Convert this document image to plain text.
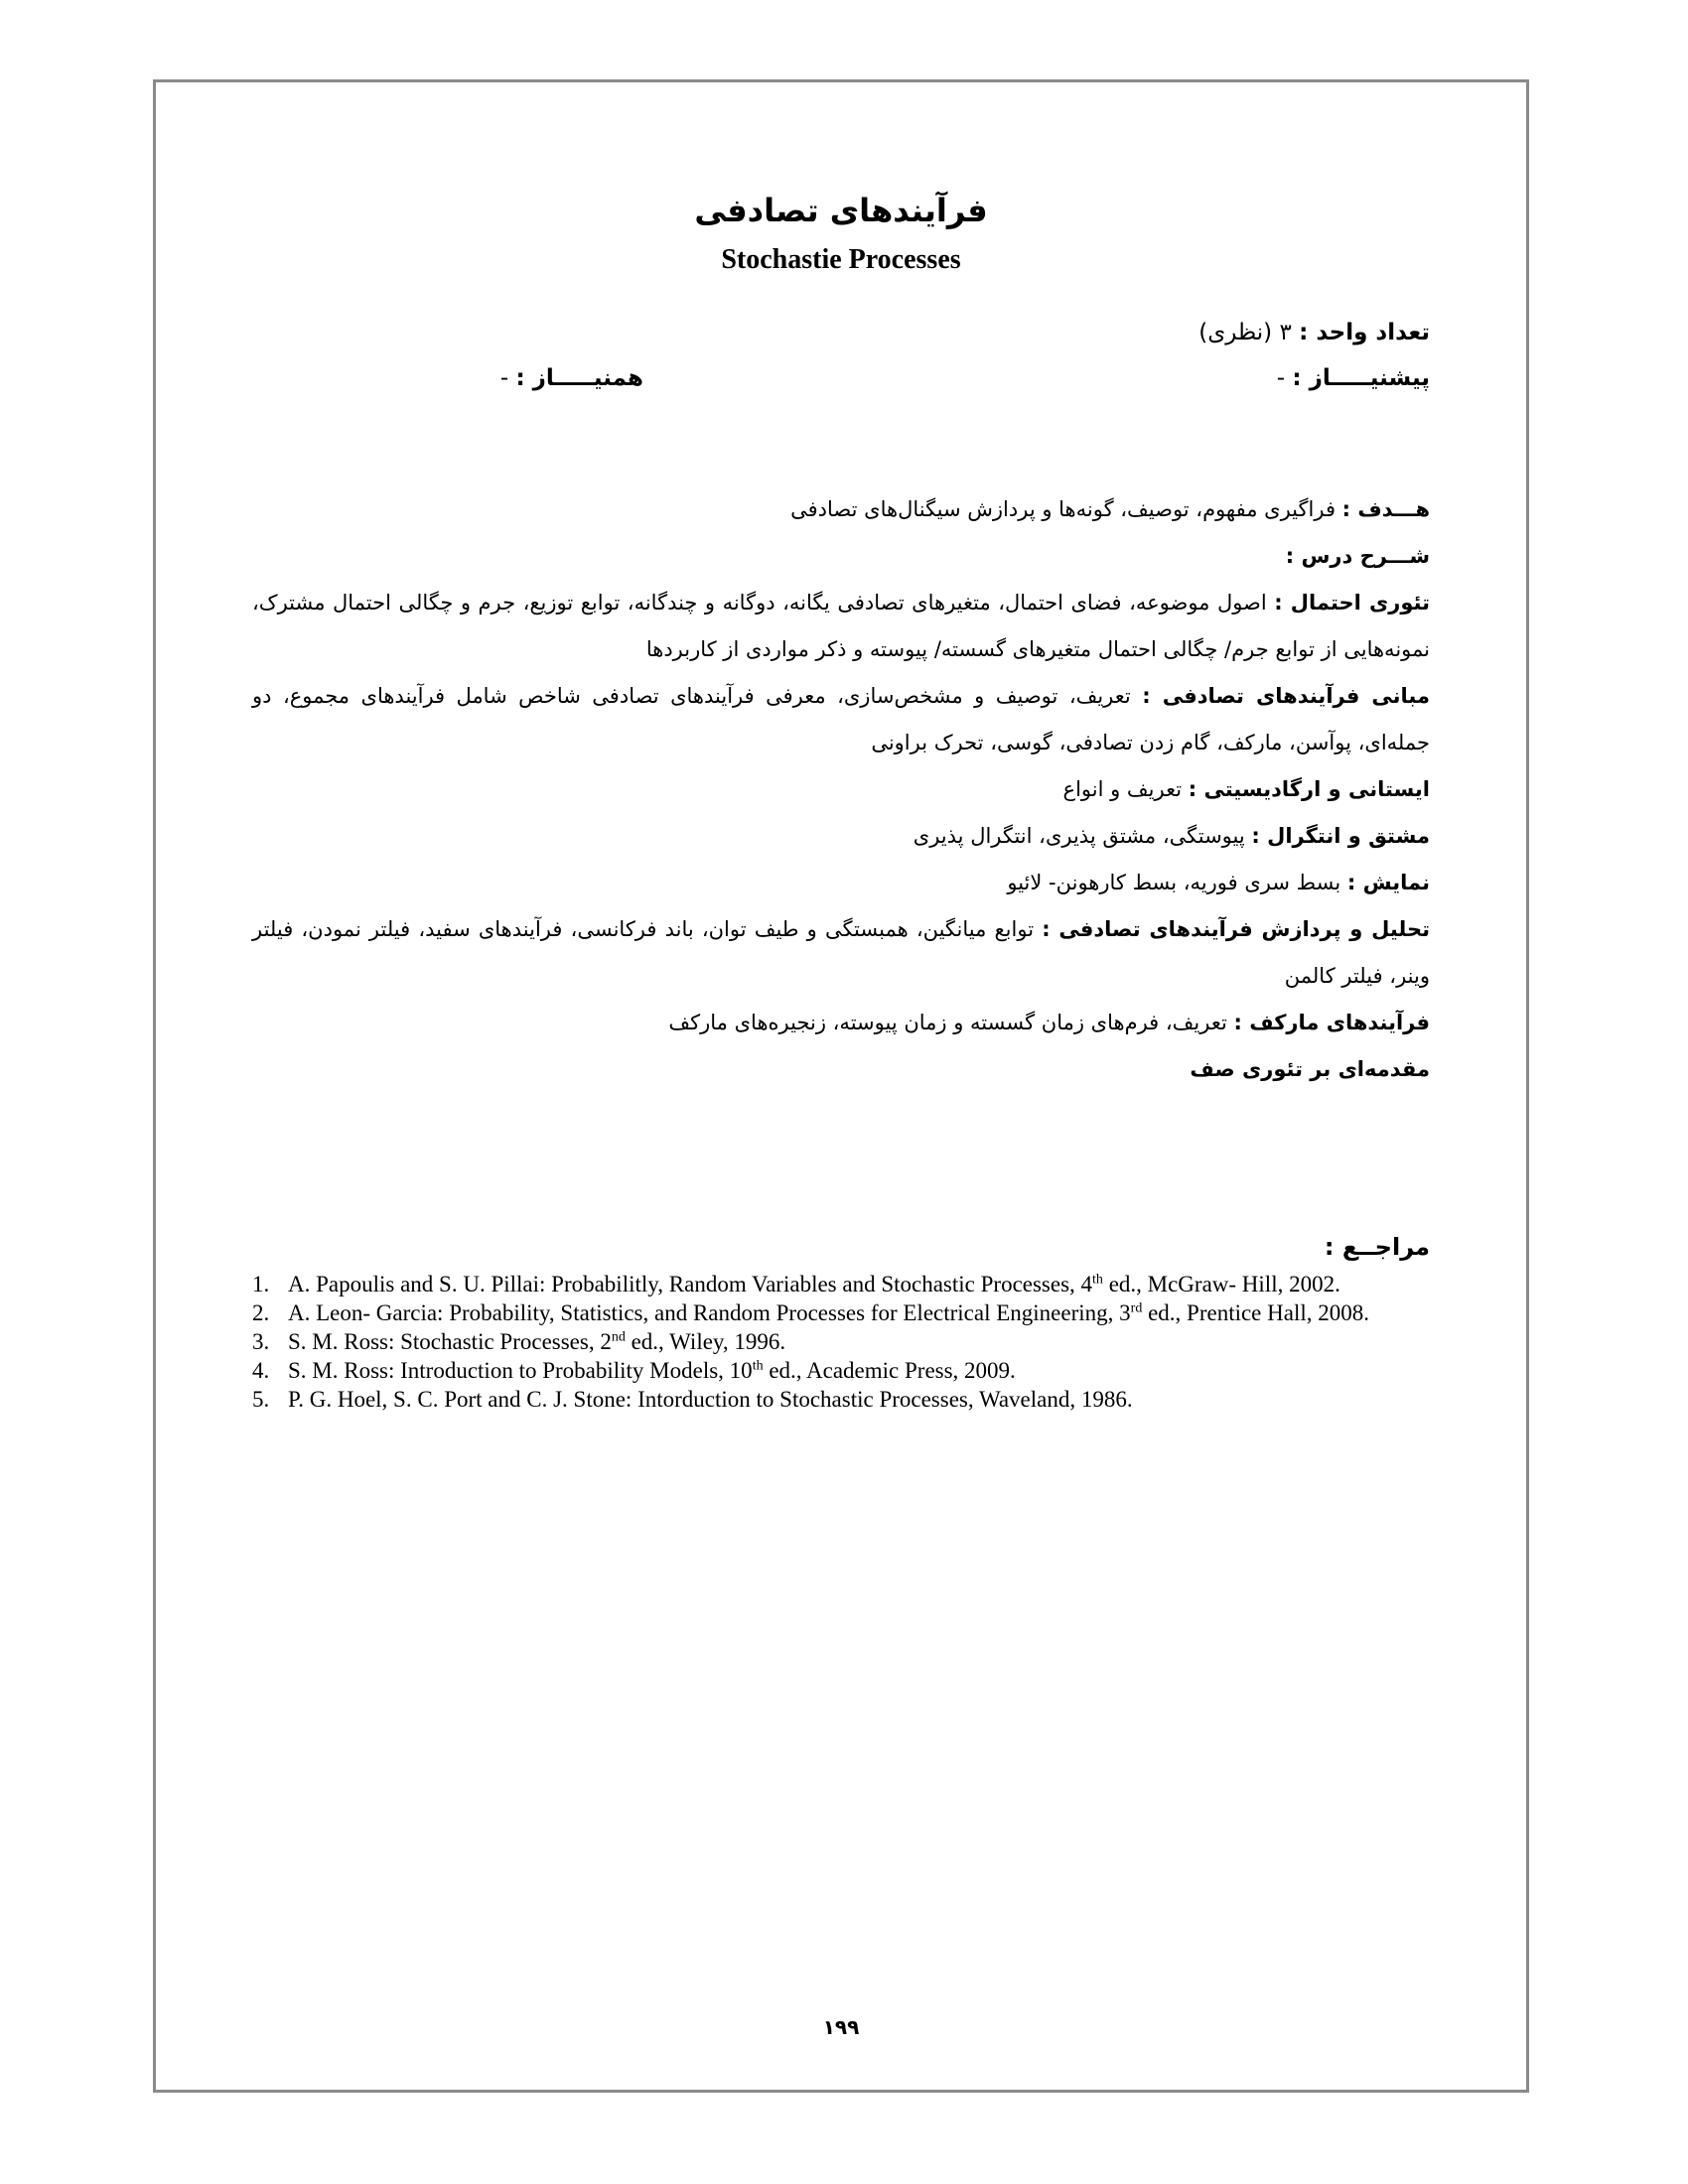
فرآیندهای تصادفی
Stochastie Processes
تعداد واحد : ۳ (نظری)
پیشنیـــــاز : -
همنیـــــاز : -

هـــدف : فراگیری مفهوم، توصیف، گونه‌ها و پردازش سیگنال‌های تصادفی

شـــرح درس :

تئوری احتمال : اصول موضوعه، فضای احتمال، متغیرهای تصادفی یگانه، دوگانه و چندگانه، توابع توزیع، جرم و چگالی احتمال مشترک، نمونه‌هایی از توابع جرم/ چگالی احتمال متغیرهای گسسته/ پیوسته و ذکر مواردی از کاربردها

مبانی فرآیندهای تصادفی : تعریف، توصیف و مشخص‌سازی، معرفی فرآیندهای تصادفی شاخص شامل فرآیندهای مجموع، دو جمله‌ای، پوآسن، مارکف، گام زدن تصادفی، گوسی، تحرک براونی

ایستانی و ارگادیسیتی : تعریف و انواع

مشتق و انتگرال : پیوستگی، مشتق پذیری، انتگرال پذیری

نمایش : بسط سری فوریه، بسط کارهونن- لائیو

تحلیل و پردازش فرآیندهای تصادفی : توابع میانگین، همبستگی و طیف توان، باند فرکانسی، فرآیندهای سفید، فیلتر نمودن، فیلتر وینر، فیلتر کالمن

فرآیندهای مارکف : تعریف، فرم‌های زمان گسسته و زمان پیوسته، زنجیره‌های مارکف

مقدمه‌ای بر تئوری صف

مراجــع :
1. A. Papoulis and S. U. Pillai: Probabilitly, Random Variables and Stochastic Processes, 4th ed., McGraw- Hill, 2002.
2. A. Leon- Garcia: Probability, Statistics, and Random Processes for Electrical Engineering, 3rd ed., Prentice Hall, 2008.
3. S. M. Ross: Stochastic Processes, 2nd ed., Wiley, 1996.
4. S. M. Ross: Introduction to Probability Models, 10th ed., Academic Press, 2009.
5. P. G. Hoel, S. C. Port and C. J. Stone: Intorduction to Stochastic Processes, Waveland, 1986.
۱۹۹
